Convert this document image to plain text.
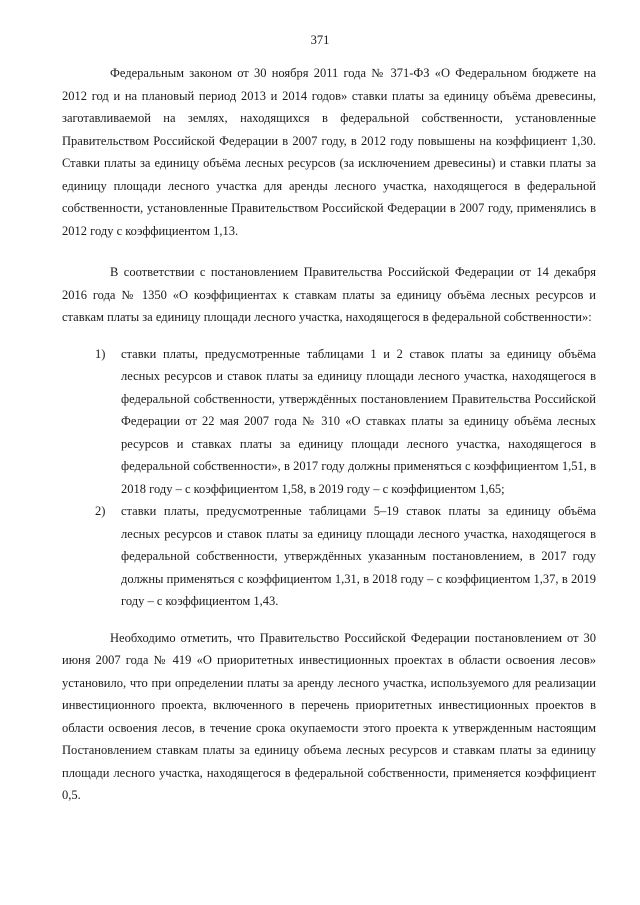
371

Федеральным законом от 30 ноября 2011 года № 371-ФЗ «О Федеральном бюджете на 2012 год и на плановый период 2013 и 2014 годов» ставки платы за единицу объёма древесины, заготавливаемой на землях, находящихся в федеральной собственности, установленные Правительством Российской Федерации в 2007 году, в 2012 году повышены на коэффициент 1,30. Ставки платы за единицу объёма лесных ресурсов (за исключением древесины) и ставки платы за единицу площади лесного участка для аренды лесного участка, находящегося в федеральной собственности, установленные Правительством Российской Федерации в 2007 году, применялись в 2012 году с коэффициентом 1,13.

В соответствии с постановлением Правительства Российской Федерации от 14 декабря 2016 года № 1350 «О коэффициентах к ставкам платы за единицу объёма лесных ресурсов и ставкам платы за единицу площади лесного участка, находящегося в федеральной собственности»:

1) ставки платы, предусмотренные таблицами 1 и 2 ставок платы за единицу объёма лесных ресурсов и ставок платы за единицу площади лесного участка, находящегося в федеральной собственности, утверждённых постановлением Правительства Российской Федерации от 22 мая 2007 года № 310 «О ставках платы за единицу объёма лесных ресурсов и ставках платы за единицу площади лесного участка, находящегося в федеральной собственности», в 2017 году должны применяться с коэффициентом 1,51, в 2018 году – с коэффициентом 1,58, в 2019 году – с коэффициентом 1,65;
2) ставки платы, предусмотренные таблицами 5–19 ставок платы за единицу объёма лесных ресурсов и ставок платы за единицу площади лесного участка, находящегося в федеральной собственности, утверждённых указанным постановлением, в 2017 году должны применяться с коэффициентом 1,31, в 2018 году – с коэффициентом 1,37, в 2019 году – с коэффициентом 1,43.

Необходимо отметить, что Правительство Российской Федерации постановлением от 30 июня 2007 года № 419 «О приоритетных инвестиционных проектах в области освоения лесов» установило, что при определении платы за аренду лесного участка, используемого для реализации инвестиционного проекта, включенного в перечень приоритетных инвестиционных проектов в области освоения лесов, в течение срока окупаемости этого проекта к утвержденным настоящим Постановлением ставкам платы за единицу объема лесных ресурсов и ставкам платы за единицу площади лесного участка, находящегося в федеральной собственности, применяется коэффициент 0,5.
